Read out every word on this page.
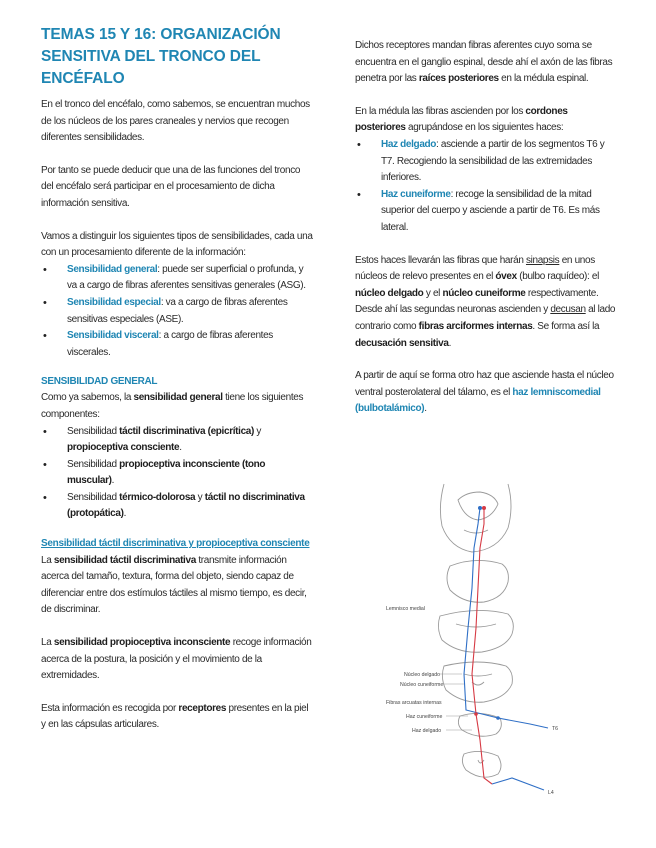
TEMAS 15 Y 16: ORGANIZACIÓN
SENSITIVA DEL TRONCO DEL ENCÉFALO

En el tronco del encéfalo, como sabemos, se encuentran muchos de los núcleos de los pares craneales y nervios que recogen diferentes sensibilidades.

Por tanto se puede deducir que una de las funciones del tronco del encéfalo será participar en el procesamiento de dicha información sensitiva.

Vamos a distinguir los siguientes tipos de sensibilidades, cada una con un procesamiento diferente de la información:

• Sensibilidad general: puede ser superficial o profunda, y va a cargo de fibras aferentes sensitivas generales (ASG).
• Sensibilidad especial: va a cargo de fibras aferentes sensitivas especiales (ASE).
• Sensibilidad visceral: a cargo de fibras aferentes viscerales.

SENSIBILIDAD GENERAL

Como ya sabemos, la sensibilidad general tiene los siguientes componentes:

• Sensibilidad táctil discriminativa (epicrítica) y propioceptiva consciente.
• Sensibilidad propioceptiva inconsciente (tono muscular).
• Sensibilidad térmico-dolorosa y táctil no discriminativa (protopática).

Sensibilidad táctil discriminativa y propioceptiva consciente

La sensibilidad táctil discriminativa transmite información acerca del tamaño, textura, forma del objeto, siendo capaz de diferenciar entre dos estímulos táctiles al mismo tiempo, es decir, de discriminar.

La sensibilidad propioceptiva inconsciente recoge información acerca de la postura, la posición y el movimiento de la extremidades.

Esta información es recogida por receptores presentes en la piel y en las cápsulas articulares.

Dichos receptores mandan fibras aferentes cuyo soma se encuentra en el ganglio espinal, desde ahí el axón de las fibras penetra por las raíces posteriores en la médula espinal.

En la médula las fibras ascienden por los cordones posteriores agrupándose en los siguientes haces:

• Haz delgado: asciende a partir de los segmentos T6 y T7. Recogiendo la sensibilidad de las extremidades inferiores.
• Haz cuneiforme: recoge la sensibilidad de la mitad superior del cuerpo y asciende a partir de T6. Es más lateral.

Estos haces llevarán las fibras que harán sinapsis en unos núcleos de relevo presentes en el óvex (bulbo raquídeo): el núcleo delgado y el núcleo cuneiforme respectivamente. Desde ahí las segundas neuronas ascienden y decusan al lado contrario como fibras arciformes internas. Se forma así la decusación sensitiva.

A partir de aquí se forma otro haz que asciende hasta el núcleo ventral posterolateral del tálamo, es el haz lemniscomedial (bulbotalámico).

Lemnisco medial
Núcleo delgado
Núcleo cuneiforme
Fibras arcuatas internas
Haz cuneiforme
Haz delgado	T6
L4
